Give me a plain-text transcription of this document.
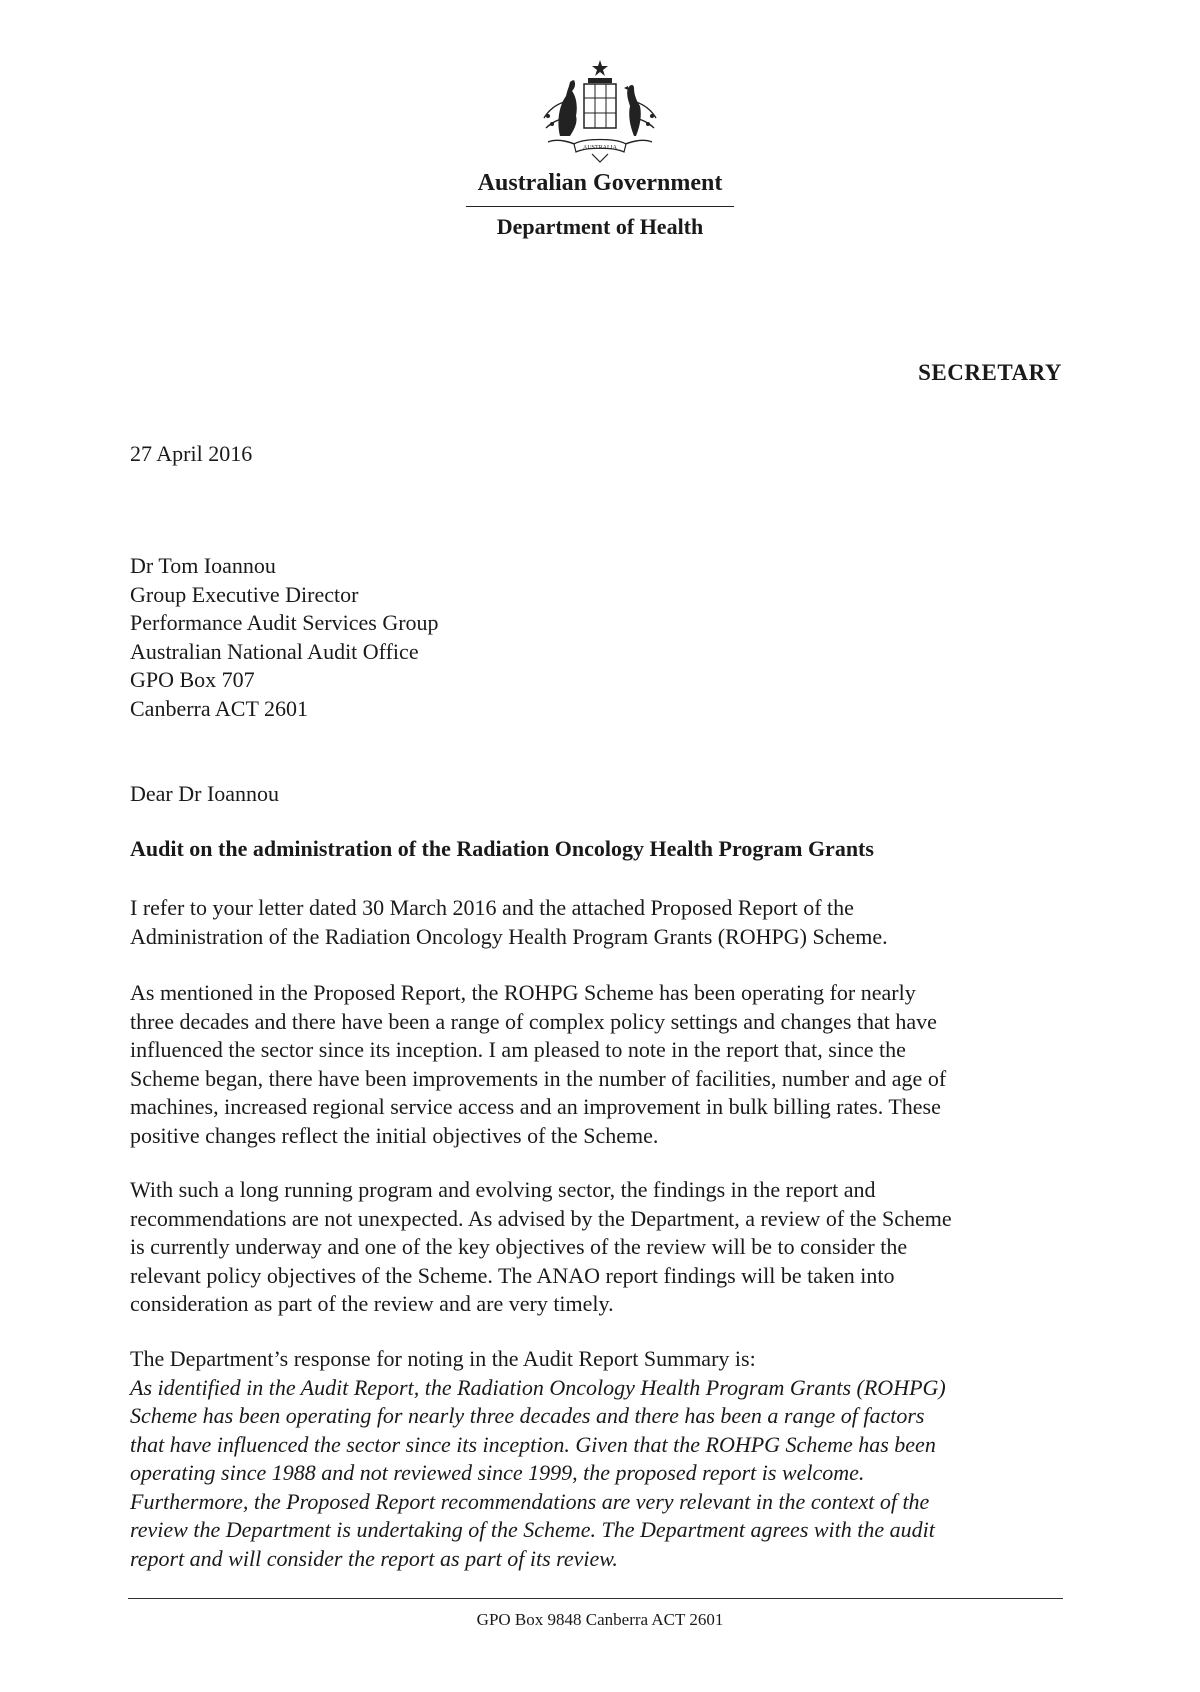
AUSTRALIA
Australian Government
Department of Health
SECRETARY
27 April 2016
Dr Tom Ioannou
Group Executive Director
Performance Audit Services Group
Australian National Audit Office
GPO Box 707
Canberra ACT 2601
Dear Dr Ioannou
Audit on the administration of the Radiation Oncology Health Program Grants
I refer to your letter dated 30 March 2016 and the attached Proposed Report of the
Administration of the Radiation Oncology Health Program Grants (ROHPG) Scheme.
As mentioned in the Proposed Report, the ROHPG Scheme has been operating for nearly
three decades and there have been a range of complex policy settings and changes that have
influenced the sector since its inception. I am pleased to note in the report that, since the
Scheme began, there have been improvements in the number of facilities, number and age of
machines, increased regional service access and an improvement in bulk billing rates. These
positive changes reflect the initial objectives of the Scheme.
With such a long running program and evolving sector, the findings in the report and
recommendations are not unexpected. As advised by the Department, a review of the Scheme
is currently underway and one of the key objectives of the review will be to consider the
relevant policy objectives of the Scheme. The ANAO report findings will be taken into
consideration as part of the review and are very timely.
The Department’s response for noting in the Audit Report Summary is:
As identified in the Audit Report, the Radiation Oncology Health Program Grants (ROHPG)
Scheme has been operating for nearly three decades and there has been a range of factors
that have influenced the sector since its inception. Given that the ROHPG Scheme has been
operating since 1988 and not reviewed since 1999, the proposed report is welcome.
Furthermore, the Proposed Report recommendations are very relevant in the context of the
review the Department is undertaking of the Scheme. The Department agrees with the audit
report and will consider the report as part of its review.
GPO Box 9848 Canberra ACT 2601
